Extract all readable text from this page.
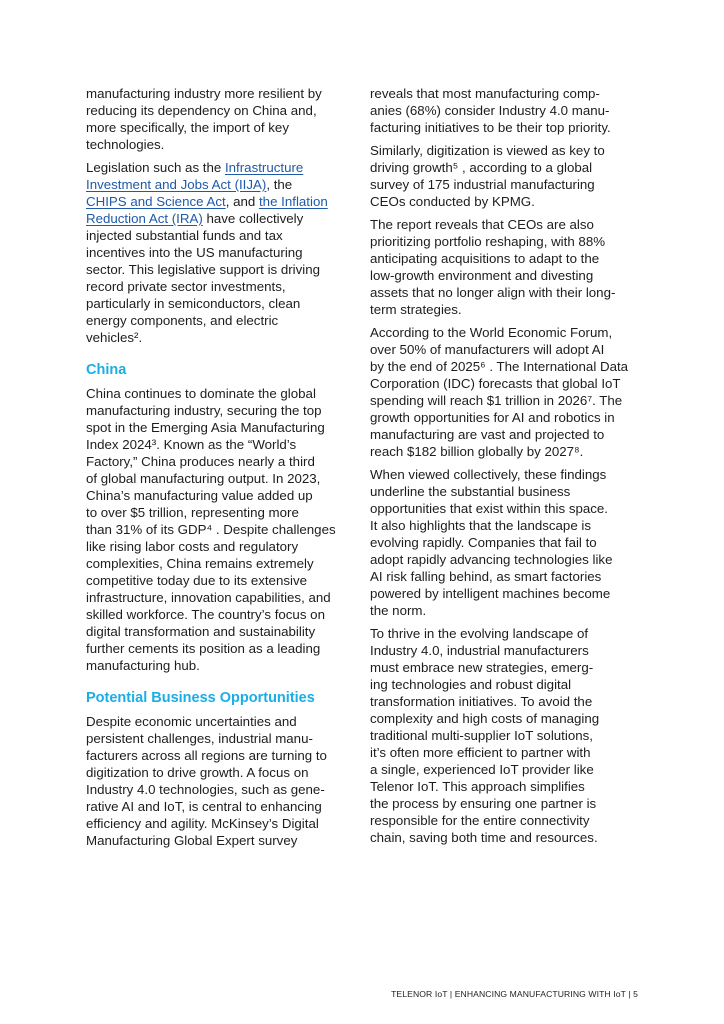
manufacturing industry more resilient by
reducing its dependency on China and,
more specifically, the import of key
technologies.
Legislation such as the Infrastructure
Investment and Jobs Act (IIJA), the
CHIPS and Science Act, and the Inflation
Reduction Act (IRA) have collectively
injected substantial funds and tax
incentives into the US manufacturing
sector. This legislative support is driving
record private sector investments,
particularly in semiconductors, clean
energy components, and electric
vehicles².
China
China continues to dominate the global
manufacturing industry, securing the top
spot in the Emerging Asia Manufacturing
Index 2024³. Known as the “World’s
Factory,” China produces nearly a third
of global manufacturing output. In 2023,
China’s manufacturing value added up
to over $5 trillion, representing more
than 31% of its GDP⁴ . Despite challenges
like rising labor costs and regulatory
complexities, China remains extremely
competitive today due to its extensive
infrastructure, innovation capabilities, and
skilled workforce. The country’s focus on
digital transformation and sustainability
further cements its position as a leading
manufacturing hub.
Potential Business Opportunities
Despite economic uncertainties and
persistent challenges, industrial manu-
facturers across all regions are turning to
digitization to drive growth. A focus on
Industry 4.0 technologies, such as gene-
rative AI and IoT, is central to enhancing
efficiency and agility. McKinsey’s Digital
Manufacturing Global Expert survey
reveals that most manufacturing comp-
anies (68%) consider Industry 4.0 manu-
facturing initiatives to be their top priority.
Similarly, digitization is viewed as key to
driving growth⁵ , according to a global
survey of 175 industrial manufacturing
CEOs conducted by KPMG.
The report reveals that CEOs are also
prioritizing portfolio reshaping, with 88%
anticipating acquisitions to adapt to the
low-growth environment and divesting
assets that no longer align with their long-
term strategies.
According to the World Economic Forum,
over 50% of manufacturers will adopt AI
by the end of 2025⁶ . The International Data
Corporation (IDC) forecasts that global IoT
spending will reach $1 trillion in 2026⁷. The
growth opportunities for AI and robotics in
manufacturing are vast and projected to
reach $182 billion globally by 2027⁸.
When viewed collectively, these findings
underline the substantial business
opportunities that exist within this space.
It also highlights that the landscape is
evolving rapidly. Companies that fail to
adopt rapidly advancing technologies like
AI risk falling behind, as smart factories
powered by intelligent machines become
the norm.
To thrive in the evolving landscape of
Industry 4.0, industrial manufacturers
must embrace new strategies, emerg-
ing technologies and robust digital
transformation initiatives. To avoid the
complexity and high costs of managing
traditional multi-supplier IoT solutions,
it’s often more efficient to partner with
a single, experienced IoT provider like
Telenor IoT. This approach simplifies
the process by ensuring one partner is
responsible for the entire connectivity
chain, saving both time and resources.
TELENOR IoT | ENHANCING MANUFACTURING WITH IoT | 5
